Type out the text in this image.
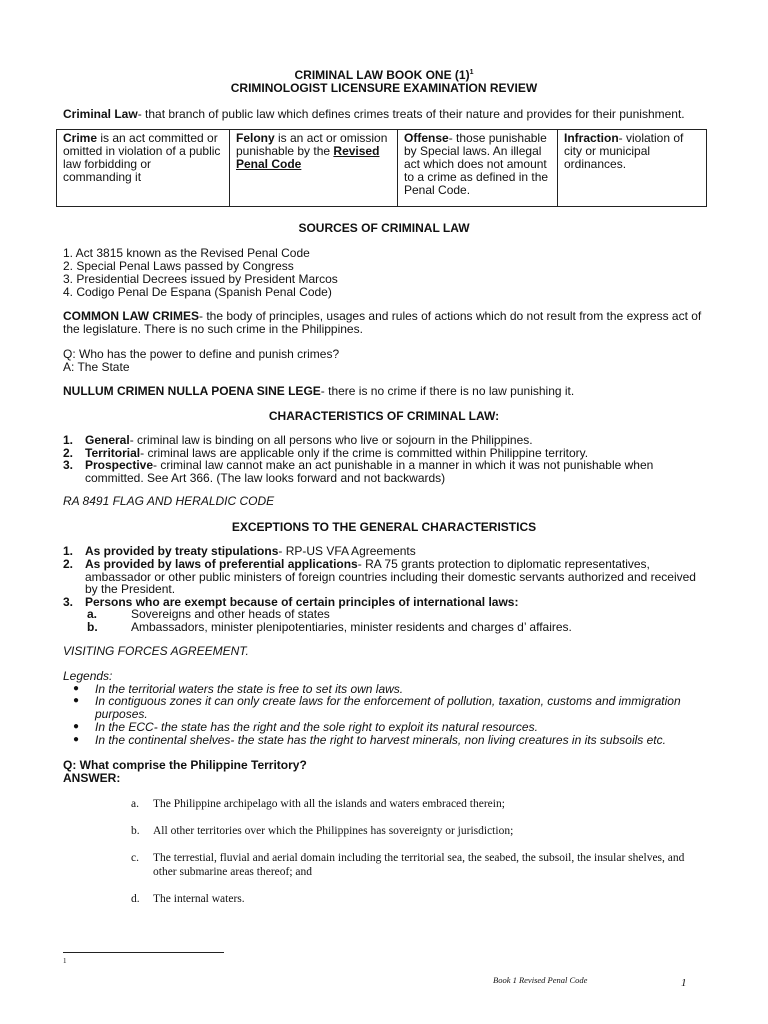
CRIMINAL LAW BOOK ONE $(1)^1$
CRIMINOLOGIST LICENSURE EXAMINATION REVIEW

Criminal Law- that branch of public law which defines crimes treats of their nature and provides for their punishment.

Crime is an act committed or omitted in violation of a public law forbidding or commanding it	Felony is an act or omission punishable by the Revised Penal Code	Offense- those punishable by Special laws. An illegal act which does not amount to a crime as defined in the Penal Code.	Infraction- violation of city or municipal ordinances.
SOURCES OF CRIMINAL LAW

1. Act 3815 known as the Revised Penal Code

2. Special Penal Laws passed by Congress

3. Presidential Decrees issued by President Marcos

4. Codigo Penal De Espana (Spanish Penal Code)

COMMON LAW CRIMES- the body of principles, usages and rules of actions which do not result from the express act of the legislature. There is no such crime in the Philippines.

Q: Who has the power to define and punish crimes?

A: The State

NULLUM CRIMEN NULLA POENA SINE LEGE- there is no crime if there is no law punishing it.

CHARACTERISTICS OF CRIMINAL LAW:
1. General- criminal law is binding on all persons who live or sojourn in the Philippines.
2. Territorial- criminal laws are applicable only if the crime is committed within Philippine territory.
3. Prospective- criminal law cannot make an act punishable in a manner in which it was not punishable when committed. See Art 366. (The law looks forward and not backwards)

RA 8491 FLAG AND HERALDIC CODE

EXCEPTIONS TO THE GENERAL CHARACTERISTICS
1. As provided by treaty stipulations- RP-US VFA Agreements
2. As provided by laws of preferential applications- RA 75 grants protection to diplomatic representatives, ambassador or other public ministers of foreign countries including their domestic servants authorized and received by the President.
3. Persons who are exempt because of certain principles of international laws:
a.	Sovereigns and other heads of states
b.	Ambassadors, minister plenipotentiaries, minister residents and charges d’ affaires.

VISITING FORCES AGREEMENT.

Legends:

● In the territorial waters the state is free to set its own laws.
● In contiguous zones it can only create laws for the enforcement of pollution, taxation, customs and immigration purposes.
● In the ECC- the state has the right and the sole right to exploit its natural resources.
● In the continental shelves- the state has the right to harvest minerals, non living creatures in its subsoils etc.

Q: What comprise the Philippine Territory?

ANSWER:

a. The Philippine archipelago with all the islands and waters embraced therein;
b. All other territories over which the Philippines has sovereignty or jurisdiction;
c. The terrestial, fluvial and aerial domain including the territorial sea, the seabed, the subsoil, the insular shelves, and other submarine areas thereof; and
d. The internal waters.
1
Book 1 Revised Penal Code	1
